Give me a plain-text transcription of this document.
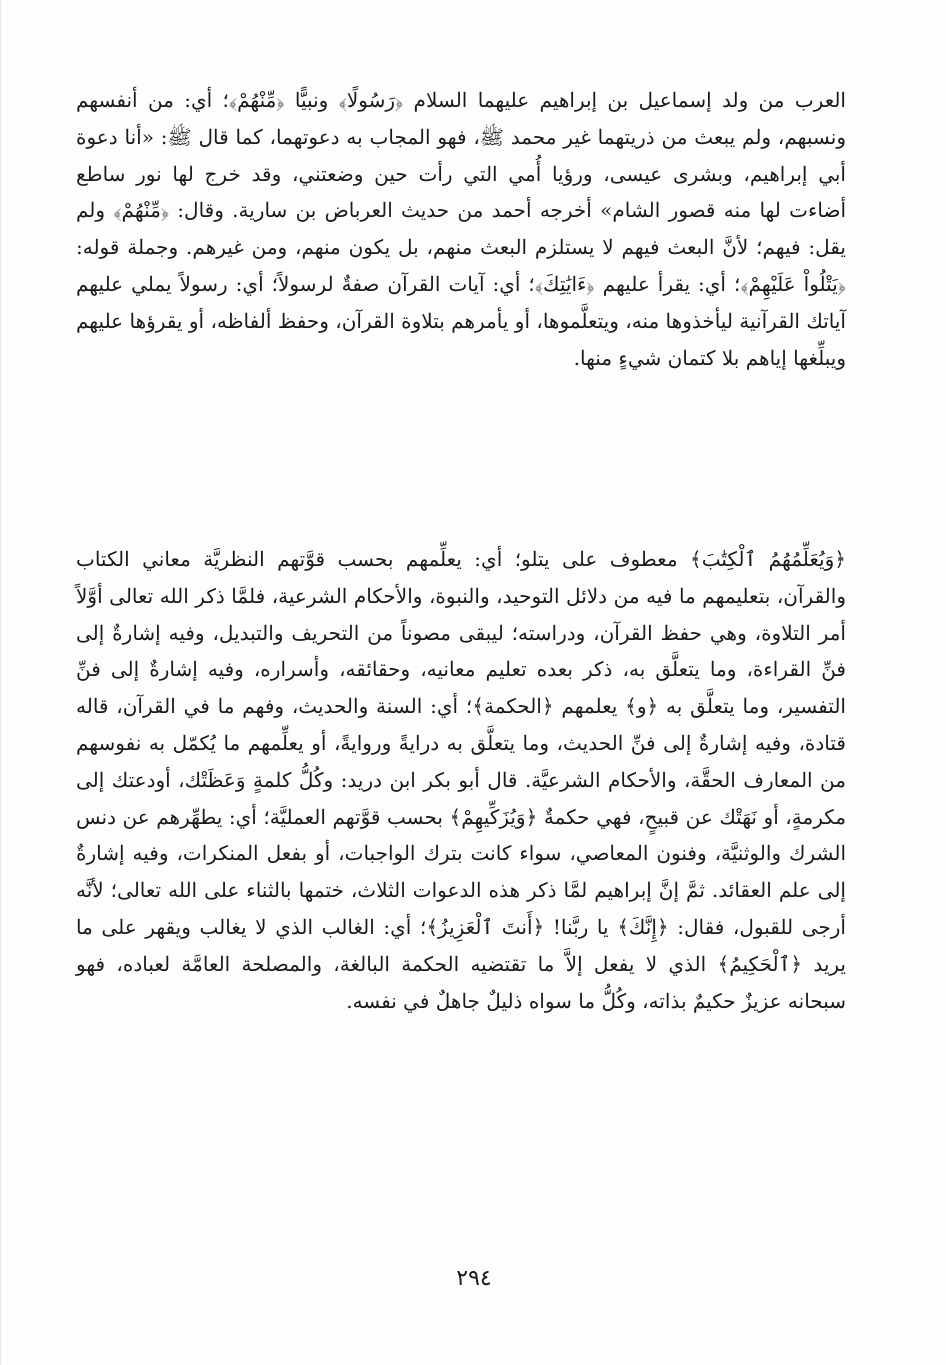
العرب من ولد إسماعيل بن إبراهيم عليهما السلام ﴿رَسُولًا﴾ ونبيًّا ﴿مِّنْهُمْ﴾؛ أي: من أنفسهم ونسبهم، ولم يبعث من ذريتهما غير محمد ﷺ، فهو المجاب به دعوتهما، كما قال ﷺ: «أنا دعوة أبي إبراهيم، وبشرى عيسى، ورؤيا أُمي التي رأت حين وضعتني، وقد خرج لها نور ساطع أضاءت لها منه قصور الشام» أخرجه أحمد من حديث العرباض بن سارية. وقال: ﴿مِّنْهُمْ﴾ ولم يقل: فيهم؛ لأنَّ البعث فيهم لا يستلزم البعث منهم، بل يكون منهم، ومن غيرهم. وجملة قوله: ﴿يَتْلُواْ عَلَيْهِمْ﴾؛ أي: يقرأ عليهم ﴿ءَايَٰتِكَ﴾؛ أي: آيات القرآن صفةٌ لرسولاً؛ أي: رسولاً يملي عليهم آياتك القرآنية ليأخذوها منه، ويتعلَّموها، أو يأمرهم بتلاوة القرآن، وحفظ ألفاظه، أو يقرؤها عليهم ويبلِّغها إياهم بلا كتمان شيءٍ منها.

﴿وَيُعَلِّمُهُمُ ٱلْكِتَٰبَ﴾ معطوف على يتلو؛ أي: يعلِّمهم بحسب قوَّتهم النظريَّة معاني الكتاب والقرآن، بتعليمهم ما فيه من دلائل التوحيد، والنبوة، والأحكام الشرعية، فلمَّا ذكر الله تعالى أوَّلاً أمر التلاوة، وهي حفظ القرآن، ودراسته؛ ليبقى مصوناً من التحريف والتبديل، وفيه إشارةٌ إلى فنِّ القراءة، وما يتعلَّق به، ذكر بعده تعليم معانيه، وحقائقه، وأسراره، وفيه إشارةٌ إلى فنِّ التفسير، وما يتعلَّق به ﴿و﴾ يعلمهم ﴿الحكمة﴾؛ أي: السنة والحديث، وفهم ما في القرآن، قاله قتادة، وفيه إشارةٌ إلى فنِّ الحديث، وما يتعلَّق به درايةً وروايةً، أو يعلِّمهم ما يُكمّل به نفوسهم من المعارف الحقَّة، والأحكام الشرعيَّة. قال أبو بكر ابن دريد: وكُلُّ كلمةٍ وَعَظَتْك، أودعتك إلى مكرمةٍ، أو نَهَتْك عن قبيحٍ، فهي حكمةٌ ﴿وَيُزَكِّيهِمْ﴾ بحسب قوَّتهم العمليَّة؛ أي: يطهِّرهم عن دنس الشرك والوثنيَّة، وفنون المعاصي، سواء كانت بترك الواجبات، أو بفعل المنكرات، وفيه إشارةٌ إلى علم العقائد. ثمَّ إنَّ إبراهيم لمَّا ذكر هذه الدعوات الثلاث، ختمها بالثناء على الله تعالى؛ لأنَّه أرجى للقبول، فقال: ﴿إِنَّكَ﴾ يا ربَّنا! ﴿أَنتَ ٱلْعَزِيزُ﴾؛ أي: الغالب الذي لا يغالب ويقهر على ما يريد ﴿ٱلْحَكِيمُ﴾ الذي لا يفعل إلاَّ ما تقتضيه الحكمة البالغة، والمصلحة العامَّة لعباده، فهو سبحانه عزيزٌ حكيمٌ بذاته، وكُلُّ ما سواه ذليلٌ جاهلٌ في نفسه.

٢٩٤
